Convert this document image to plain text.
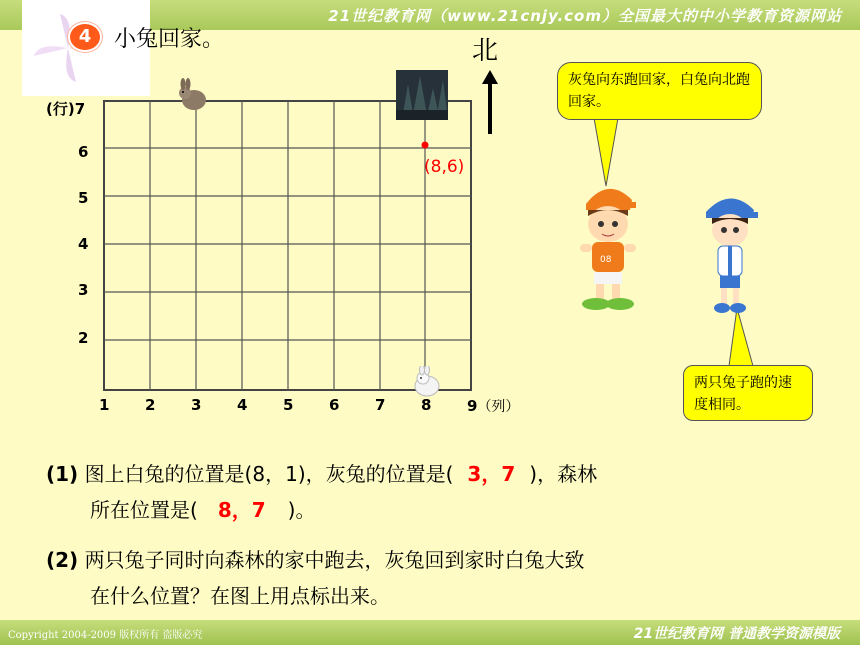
21世纪教育网（www.21cnjy.com）全国最大的中小学教育资源网站
4	小兔回家。	北
(行)7
6
5
4
3
2
(8,6)
1 2 3 4 5 6 7 8 9（列）
灰兔向东跑回家，白兔向北跑回家。
两只兔子跑的速度相同。
08
(1) 图上白兔的位置是(8，1)，灰兔的位置是( 3，7 )，森林
所在位置是( 8，7 )。
(2) 两只兔子同时向森林的家中跑去，灰兔回到家时白兔大致
在什么位置？在图上用点标出来。
Copyright 2004-2009 版权所有 盗版必究	21世纪教育网 普通教学资源模版
